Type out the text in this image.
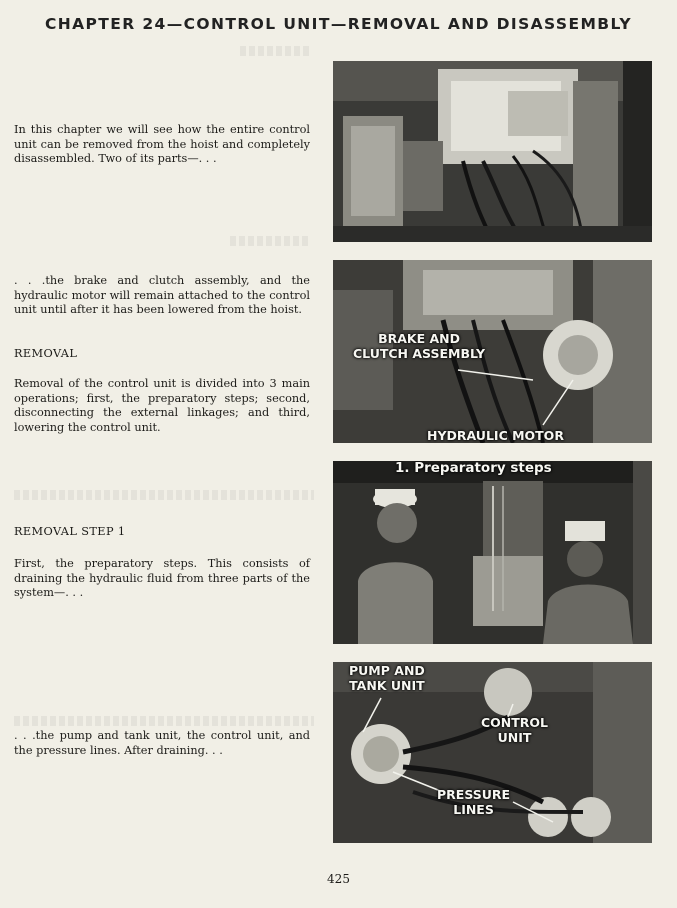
CHAPTER 24—CONTROL UNIT—REMOVAL AND DISASSEMBLY

In this chapter we will see how the entire control unit can be removed from the hoist and completely disassembled. Two of its parts—. . .

. . .the brake and clutch assembly, and the hydraulic motor will remain attached to the control unit until after it has been lowered from the hoist.

REMOVAL

Removal of the control unit is divided into 3 main operations; first, the preparatory steps; second, disconnecting the external linkages; and third, lowering the control unit.

REMOVAL STEP 1

First, the preparatory steps. This consists of draining the hydraulic fluid from three parts of the system—. . .

. . .the pump and tank unit, the control unit, and the pressure lines. After draining. . .

BRAKE AND
CLUTCH ASSEMBLY
HYDRAULIC MOTOR
1. Preparatory steps
PUMP AND
TANK UNIT
CONTROL
UNIT
PRESSURE
LINES
425
